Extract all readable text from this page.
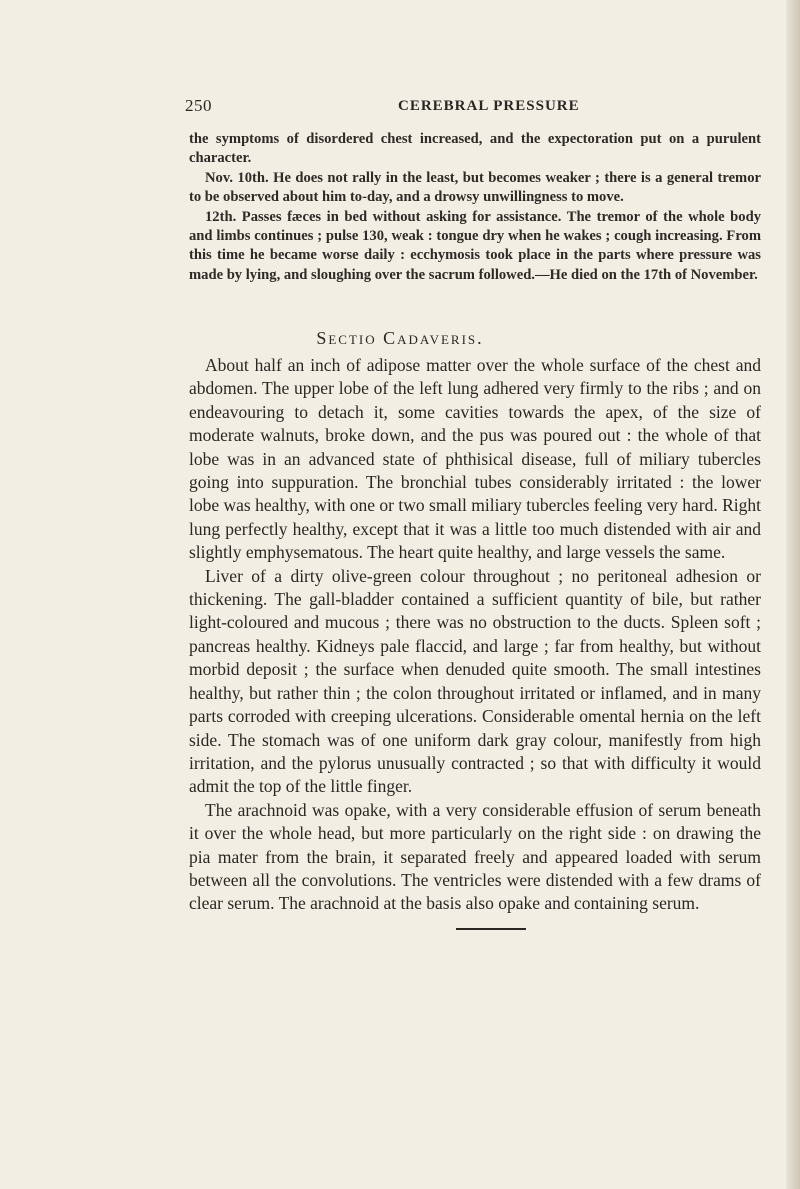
250	CEREBRAL PRESSURE

the symptoms of disordered chest increased, and the expectoration put on a purulent character.

Nov. 10th. He does not rally in the least, but becomes weaker ; there is a general tremor to be observed about him to-day, and a drowsy unwillingness to move.

12th. Passes fæces in bed without asking for assistance. The tremor of the whole body and limbs continues ; pulse 130, weak : tongue dry when he wakes ; cough increasing. From this time he became worse daily : ecchymosis took place in the parts where pressure was made by lying, and sloughing over the sacrum followed.—He died on the 17th of November.

Sectio Cadaveris.

About half an inch of adipose matter over the whole surface of the chest and abdomen. The upper lobe of the left lung adhered very firmly to the ribs ; and on endeavouring to detach it, some cavities towards the apex, of the size of moderate walnuts, broke down, and the pus was poured out : the whole of that lobe was in an advanced state of phthisical disease, full of miliary tubercles going into suppuration. The bronchial tubes considerably irritated : the lower lobe was healthy, with one or two small miliary tubercles feeling very hard. Right lung perfectly healthy, except that it was a little too much distended with air and slightly emphysematous. The heart quite healthy, and large vessels the same.

Liver of a dirty olive-green colour throughout ; no peritoneal adhesion or thickening. The gall-bladder contained a sufficient quantity of bile, but rather light-coloured and mucous ; there was no obstruction to the ducts. Spleen soft ; pancreas healthy. Kidneys pale flaccid, and large ; far from healthy, but without morbid deposit ; the surface when denuded quite smooth. The small intestines healthy, but rather thin ; the colon throughout irritated or inflamed, and in many parts corroded with creeping ulcerations. Considerable omental hernia on the left side. The stomach was of one uniform dark gray colour, manifestly from high irritation, and the pylorus unusually contracted ; so that with difficulty it would admit the top of the little finger.

The arachnoid was opake, with a very considerable effusion of serum beneath it over the whole head, but more particularly on the right side : on drawing the pia mater from the brain, it separated freely and appeared loaded with serum between all the convolutions. The ventricles were distended with a few drams of clear serum. The arachnoid at the basis also opake and containing serum.
